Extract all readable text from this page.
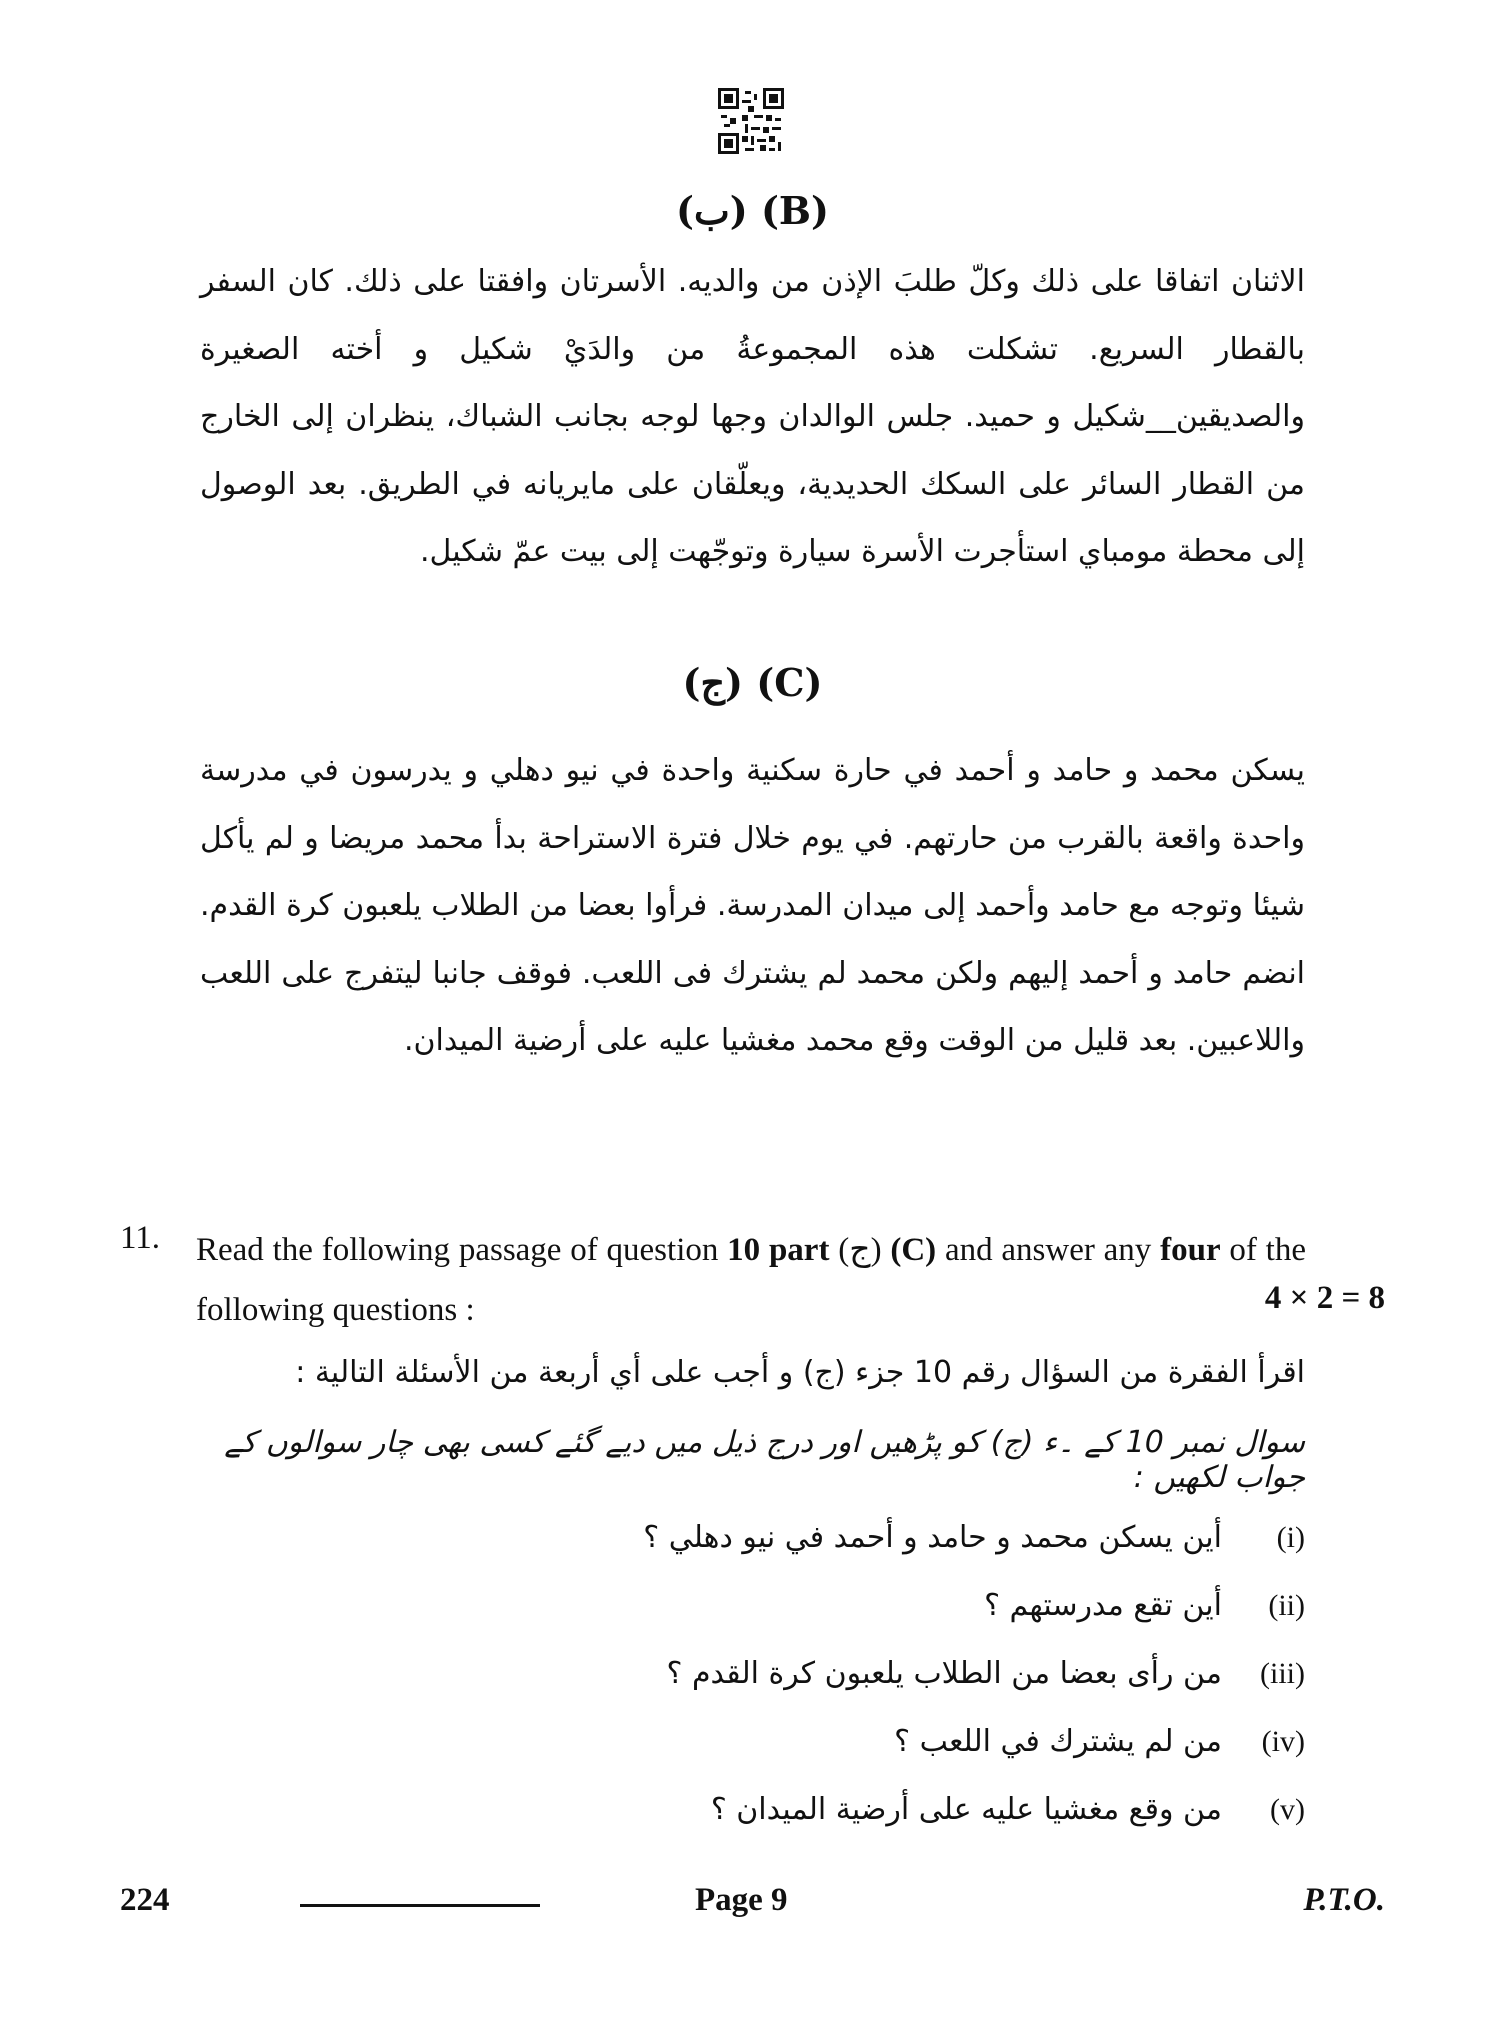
(ب) (B)
الاثنان اتفاقا على ذلك وكلّ طلبَ الإذن من والديه. الأسرتان وافقتا على ذلك. كان السفر بالقطار السريع. تشكلت هذه المجموعةُ من والدَيْ شكيل و أخته الصغيرة والصديقين__شكيل و حميد. جلس الوالدان وجها لوجه بجانب الشباك، ينظران إلى الخارج من القطار السائر على السكك الحديدية، ويعلّقان على مايريانه في الطريق. بعد الوصول إلى محطة مومباي استأجرت الأسرة سيارة وتوجّهت إلى بيت عمّ شكيل.
(ج) (C)
يسكن محمد و حامد و أحمد في حارة سكنية واحدة في نيو دهلي و يدرسون في مدرسة واحدة واقعة بالقرب من حارتهم. في يوم خلال فترة الاستراحة بدأ محمد مريضا و لم يأكل شيئا وتوجه مع حامد وأحمد إلى ميدان المدرسة. فرأوا بعضا من الطلاب يلعبون كرة القدم. انضم حامد و أحمد إليهم ولكن محمد لم يشترك فى اللعب. فوقف جانبا ليتفرج على اللعب واللاعبين. بعد قليل من الوقت وقع محمد مغشيا عليه على أرضية الميدان.
11. Read the following passage of question 10 part (ج) (C) and answer any four of the following questions :	4 × 2 = 8
اقرأ الفقرة من السؤال رقم 10 جزء (ج) و أجب على أي أربعة من الأسئلة التالية :
سوال نمبر 10 کے ۔ء (ج) کو پڑھیں اور درج ذیل میں دیے گئے کسی بھی چار سوالوں کے جواب لکھیں :
(i)  أين يسكن محمد و حامد و أحمد في نيو دهلي ؟
(ii)  أين تقع مدرستهم ؟
(iii)  من رأى بعضا من الطلاب يلعبون كرة القدم ؟
(iv)  من لم يشترك في اللعب ؟
(v)  من وقع مغشيا عليه على أرضية الميدان ؟
224	Page 9	P.T.O.
